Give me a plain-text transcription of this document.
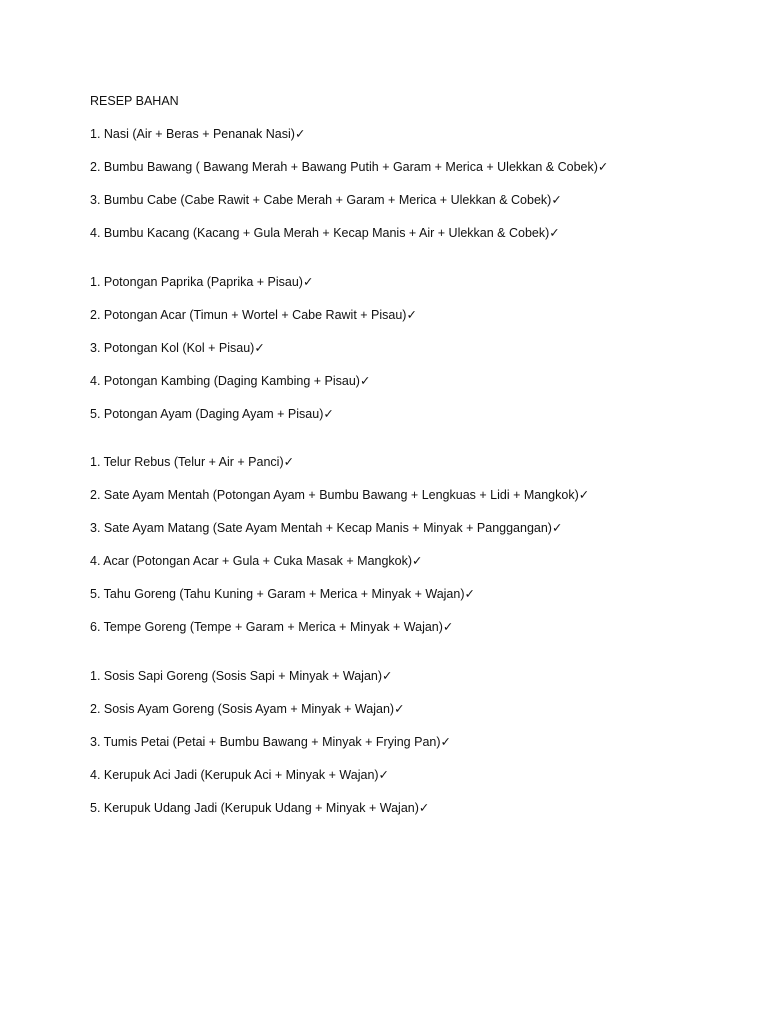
RESEP BAHAN
1. Nasi (Air + Beras + Penanak Nasi)✓
2. Bumbu Bawang ( Bawang Merah + Bawang Putih + Garam + Merica + Ulekkan & Cobek)✓
3. Bumbu Cabe (Cabe Rawit + Cabe Merah + Garam + Merica + Ulekkan & Cobek)✓
4. Bumbu Kacang (Kacang + Gula Merah + Kecap Manis + Air + Ulekkan & Cobek)✓
1. Potongan Paprika (Paprika + Pisau)✓
2. Potongan Acar (Timun + Wortel + Cabe Rawit + Pisau)✓
3. Potongan Kol (Kol + Pisau)✓
4. Potongan Kambing (Daging Kambing + Pisau)✓
5. Potongan Ayam (Daging Ayam + Pisau)✓
1. Telur Rebus (Telur + Air + Panci)✓
2. Sate Ayam Mentah (Potongan Ayam + Bumbu Bawang + Lengkuas + Lidi + Mangkok)✓
3. Sate Ayam Matang (Sate Ayam Mentah + Kecap Manis + Minyak + Panggangan)✓
4. Acar (Potongan Acar + Gula + Cuka Masak + Mangkok)✓
5. Tahu Goreng (Tahu Kuning + Garam + Merica + Minyak + Wajan)✓
6. Tempe Goreng (Tempe + Garam + Merica + Minyak + Wajan)✓
1. Sosis Sapi Goreng (Sosis Sapi + Minyak + Wajan)✓
2. Sosis Ayam Goreng (Sosis Ayam + Minyak + Wajan)✓
3. Tumis Petai (Petai + Bumbu Bawang + Minyak + Frying Pan)✓
4. Kerupuk Aci Jadi (Kerupuk Aci + Minyak + Wajan)✓
5. Kerupuk Udang Jadi (Kerupuk Udang + Minyak + Wajan)✓
